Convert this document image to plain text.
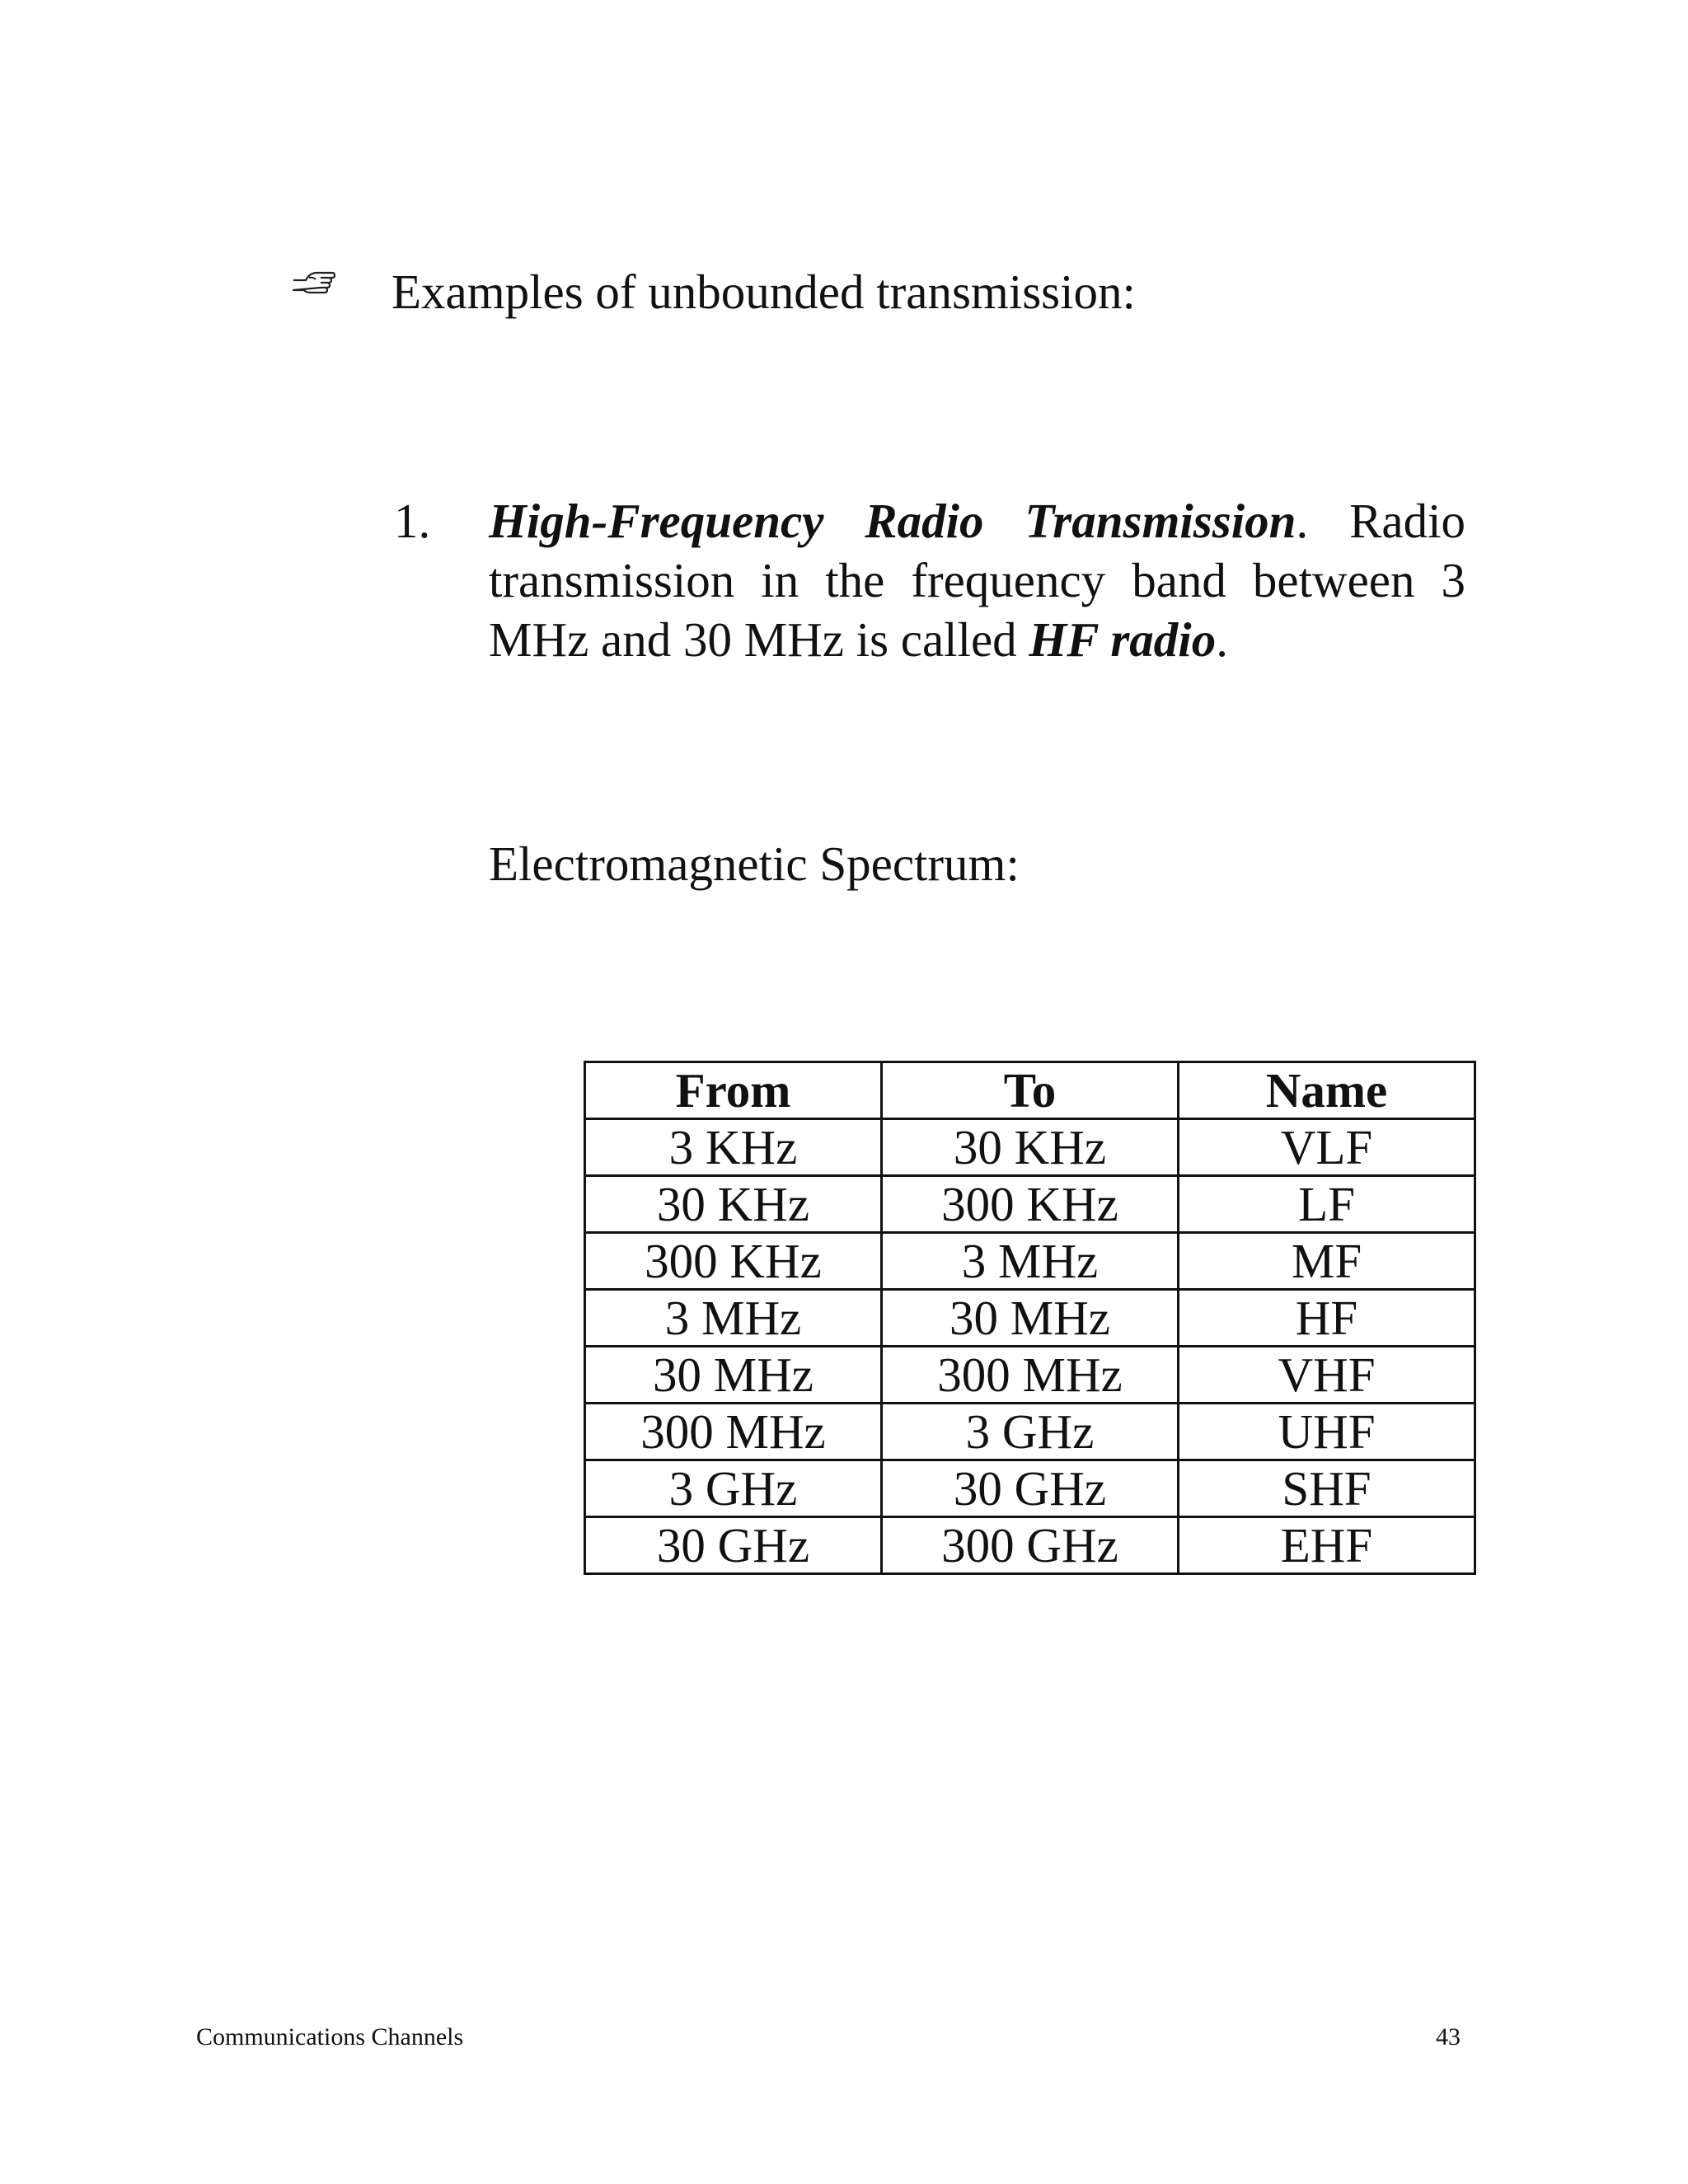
Examples of unbounded transmission:
1. High-Frequency Radio Transmission. Radio
transmission in the frequency band between 3
MHz and 30 MHz is called HF radio.
Electromagnetic Spectrum:
From	To	Name
3 KHz	30 KHz	VLF
30 KHz	300 KHz	LF
300 KHz	3 MHz	MF
3 MHz	30 MHz	HF
30 MHz	300 MHz	VHF
300 MHz	3 GHz	UHF
3 GHz	30 GHz	SHF
30 GHz	300 GHz	EHF
Communications Channels	43
